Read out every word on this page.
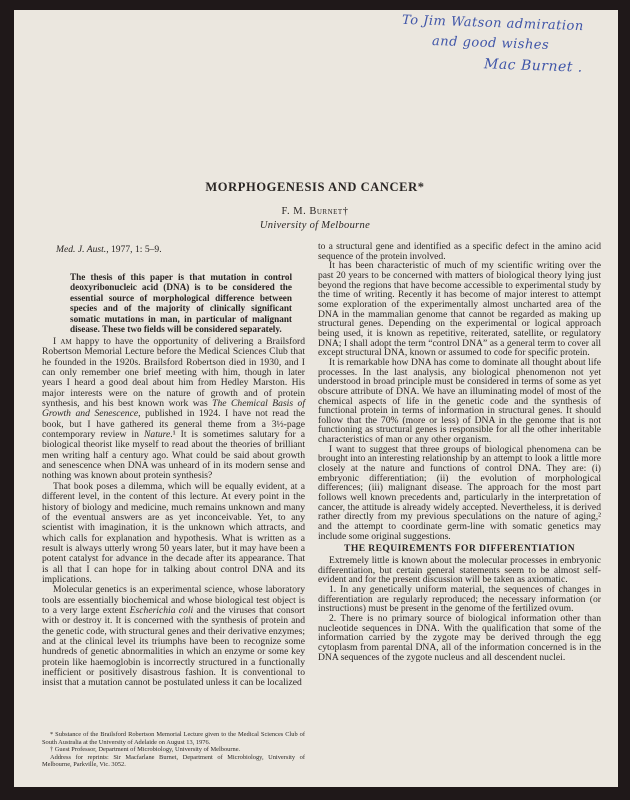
To Jim Watson admiration
and good wishes
Mac Burnet .
MORPHOGENESIS AND CANCER*
F. M. Burnet†
University of Melbourne
Med. J. Aust., 1977, 1: 5–9.
The thesis of this paper is that mutation in control deoxyribonucleic acid (DNA) is to be considered the essential source of morphological difference between species and of the majority of clinically significant somatic mutations in man, in particular of malignant disease. These two fields will be considered separately.

I am happy to have the opportunity of delivering a Brailsford Robertson Memorial Lecture before the Medical Sciences Club that he founded in the 1920s. Brailsford Robertson died in 1930, and I can only remember one brief meeting with him, though in later years I heard a good deal about him from Hedley Marston. His major interests were on the nature of growth and of protein synthesis, and his best known work was The Chemical Basis of Growth and Senescence, published in 1924. I have not read the book, but I have gathered its general theme from a 3½-page contemporary review in Nature.¹ It is sometimes salutary for a biological theorist like myself to read about the theories of brilliant men writing half a century ago. What could be said about growth and senescence when DNA was unheard of in its modern sense and nothing was known about protein synthesis?

That book poses a dilemma, which will be equally evident, at a different level, in the content of this lecture. At every point in the history of biology and medicine, much remains unknown and many of the eventual answers are as yet inconceivable. Yet, to any scientist with imagination, it is the unknown which attracts, and which calls for explanation and hypothesis. What is written as a result is always utterly wrong 50 years later, but it may have been a potent catalyst for advance in the decade after its appearance. That is all that I can hope for in talking about control DNA and its implications.

Molecular genetics is an experimental science, whose laboratory tools are essentially biochemical and whose biological test object is to a very large extent Escherichia coli and the viruses that consort with or destroy it. It is concerned with the synthesis of protein and the genetic code, with structural genes and their derivative enzymes; and at the clinical level its triumphs have been to recognize some hundreds of genetic abnormalities in which an enzyme or some key protein like haemoglobin is incorrectly structured in a functionally inefficient or positively disastrous fashion. It is conventional to insist that a mutation cannot be postulated unless it can be localized

to a structural gene and identified as a specific defect in the amino acid sequence of the protein involved.

It has been characteristic of much of my scientific writing over the past 20 years to be concerned with matters of biological theory lying just beyond the regions that have become accessible to experimental study by the time of writing. Recently it has become of major interest to attempt some exploration of the experimentally almost uncharted area of the DNA in the mammalian genome that cannot be regarded as making up structural genes. Depending on the experimental or logical approach being used, it is known as repetitive, reiterated, satellite, or regulatory DNA; I shall adopt the term “control DNA” as a general term to cover all except structural DNA, known or assumed to code for specific protein.

It is remarkable how DNA has come to dominate all thought about life processes. In the last analysis, any biological phenomenon not yet understood in broad principle must be considered in terms of some as yet obscure attribute of DNA. We have an illuminating model of most of the chemical aspects of life in the genetic code and the synthesis of functional protein in terms of information in structural genes. It should follow that the 70% (more or less) of DNA in the genome that is not functioning as structural genes is responsible for all the other inheritable characteristics of man or any other organism.

I want to suggest that three groups of biological phenomena can be brought into an interesting relationship by an attempt to look a little more closely at the nature and functions of control DNA. They are: (i) embryonic differentiation; (ii) the evolution of morphological differences; (iii) malignant disease. The approach for the most part follows well known precedents and, particularly in the interpretation of cancer, the attitude is already widely accepted. Nevertheless, it is derived rather directly from my previous speculations on the nature of aging,² and the attempt to coordinate germ-line with somatic genetics may include some original suggestions.

THE REQUIREMENTS FOR DIFFERENTIATION

Extremely little is known about the molecular processes in embryonic differentiation, but certain general statements seem to be almost self-evident and for the present discussion will be taken as axiomatic.

1. In any genetically uniform material, the sequences of changes in differentiation are regularly reproduced; the necessary information (or instructions) must be present in the genome of the fertilized ovum.

2. There is no primary source of biological information other than nucleotide sequences in DNA. With the qualification that some of the information carried by the zygote may be derived through the egg cytoplasm from parental DNA, all of the information concerned is in the DNA sequences of the zygote nucleus and all descendent nuclei.

* Substance of the Brailsford Robertson Memorial Lecture given to the Medical Sciences Club of South Australia at the University of Adelaide on August 13, 1976.

† Guest Professor, Department of Microbiology, University of Melbourne.

Address for reprints: Sir Macfarlane Burnet, Department of Microbiology, University of Melbourne, Parkville, Vic. 3052.
